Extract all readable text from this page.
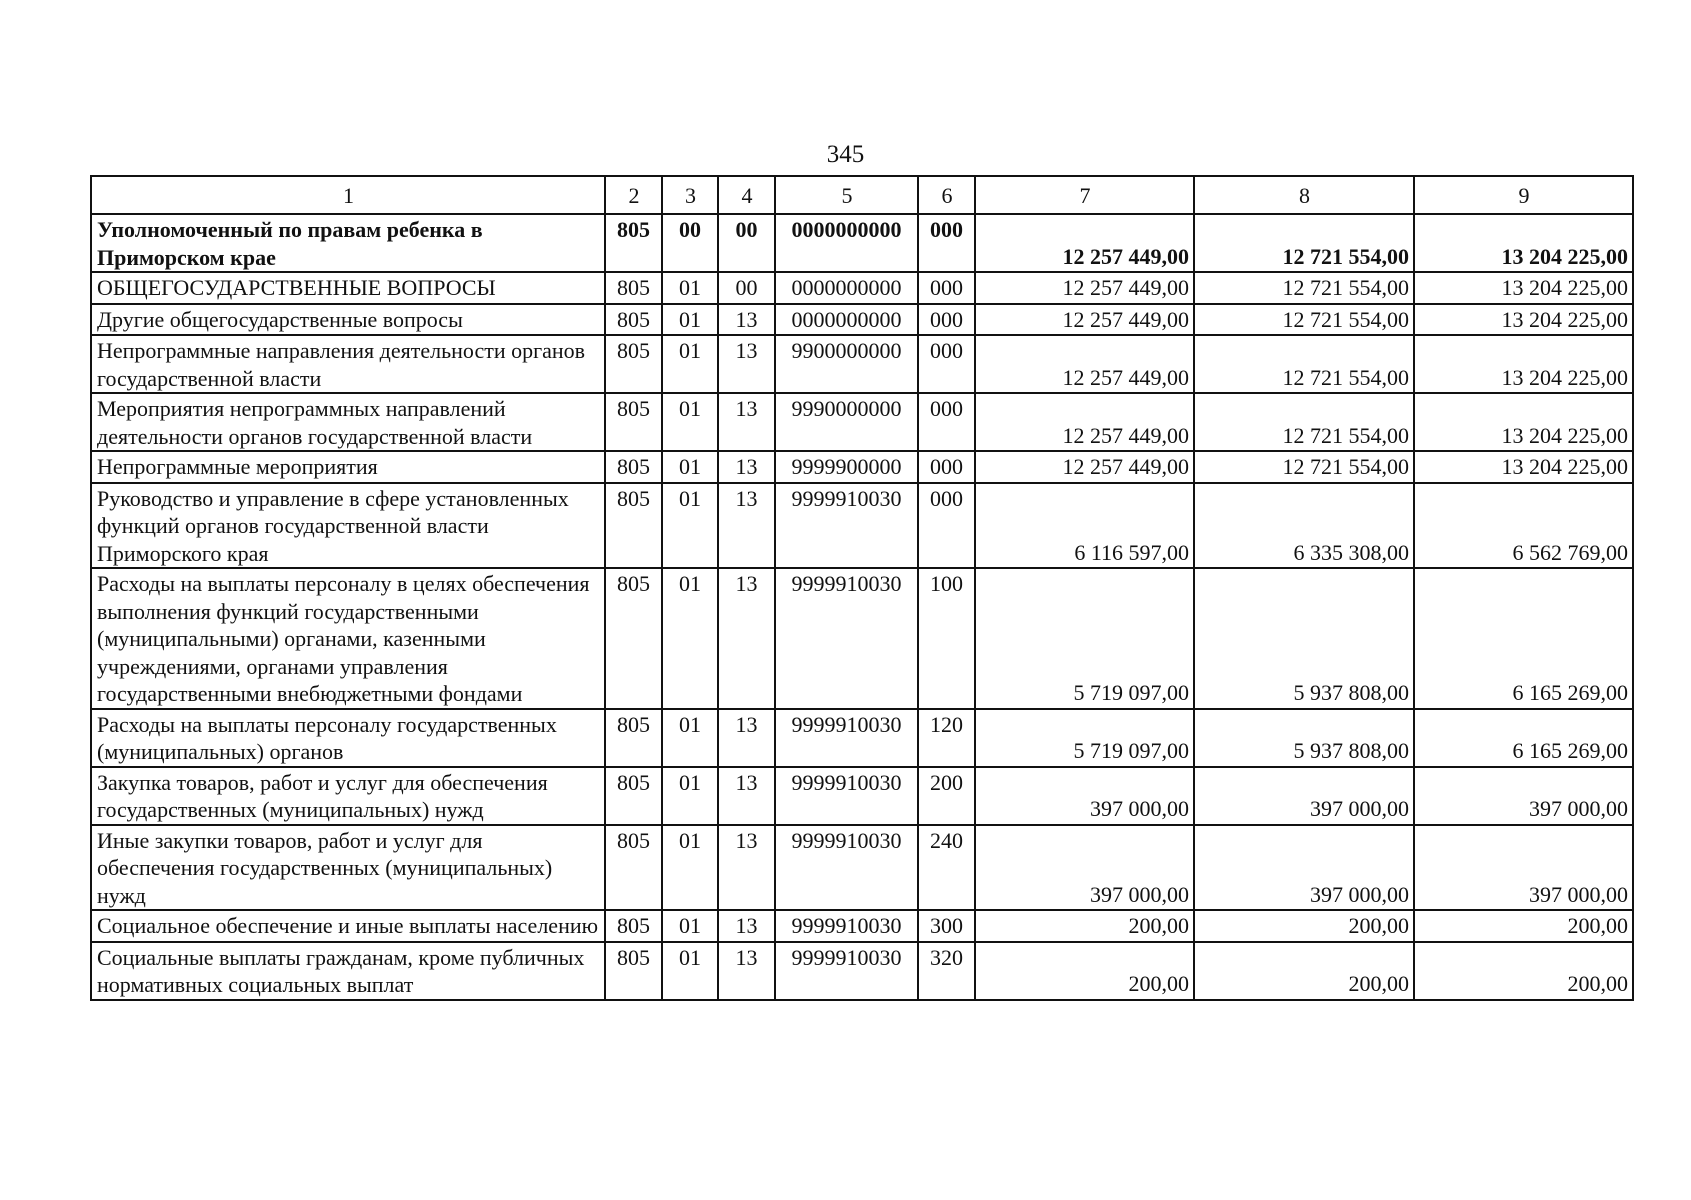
345
1	2	3	4	5	6	7	8	9
Уполномоченный по правам ребенка в Приморском крае	805	00	00	0000000000	000	12 257 449,00	12 721 554,00	13 204 225,00
ОБЩЕГОСУДАРСТВЕННЫЕ ВОПРОСЫ	805	01	00	0000000000	000	12 257 449,00	12 721 554,00	13 204 225,00
Другие общегосударственные вопросы	805	01	13	0000000000	000	12 257 449,00	12 721 554,00	13 204 225,00
Непрограммные направления деятельности органов государственной власти	805	01	13	9900000000	000	12 257 449,00	12 721 554,00	13 204 225,00
Мероприятия непрограммных направлений деятельности органов государственной власти	805	01	13	9990000000	000	12 257 449,00	12 721 554,00	13 204 225,00
Непрограммные мероприятия	805	01	13	9999900000	000	12 257 449,00	12 721 554,00	13 204 225,00
Руководство и управление в сфере установленных функций органов государственной власти Приморского края	805	01	13	9999910030	000	6 116 597,00	6 335 308,00	6 562 769,00
Расходы на выплаты персоналу в целях обеспечения выполнения функций государственными (муниципальными) органами, казенными учреждениями, органами управления государственными внебюджетными фондами	805	01	13	9999910030	100	5 719 097,00	5 937 808,00	6 165 269,00
Расходы на выплаты персоналу государственных (муниципальных) органов	805	01	13	9999910030	120	5 719 097,00	5 937 808,00	6 165 269,00
Закупка товаров, работ и услуг для обеспечения государственных (муниципальных) нужд	805	01	13	9999910030	200	397 000,00	397 000,00	397 000,00
Иные закупки товаров, работ и услуг для обеспечения государственных (муниципальных) нужд	805	01	13	9999910030	240	397 000,00	397 000,00	397 000,00
Социальное обеспечение и иные выплаты населению	805	01	13	9999910030	300	200,00	200,00	200,00
Социальные выплаты гражданам, кроме публичных нормативных социальных выплат	805	01	13	9999910030	320	200,00	200,00	200,00
